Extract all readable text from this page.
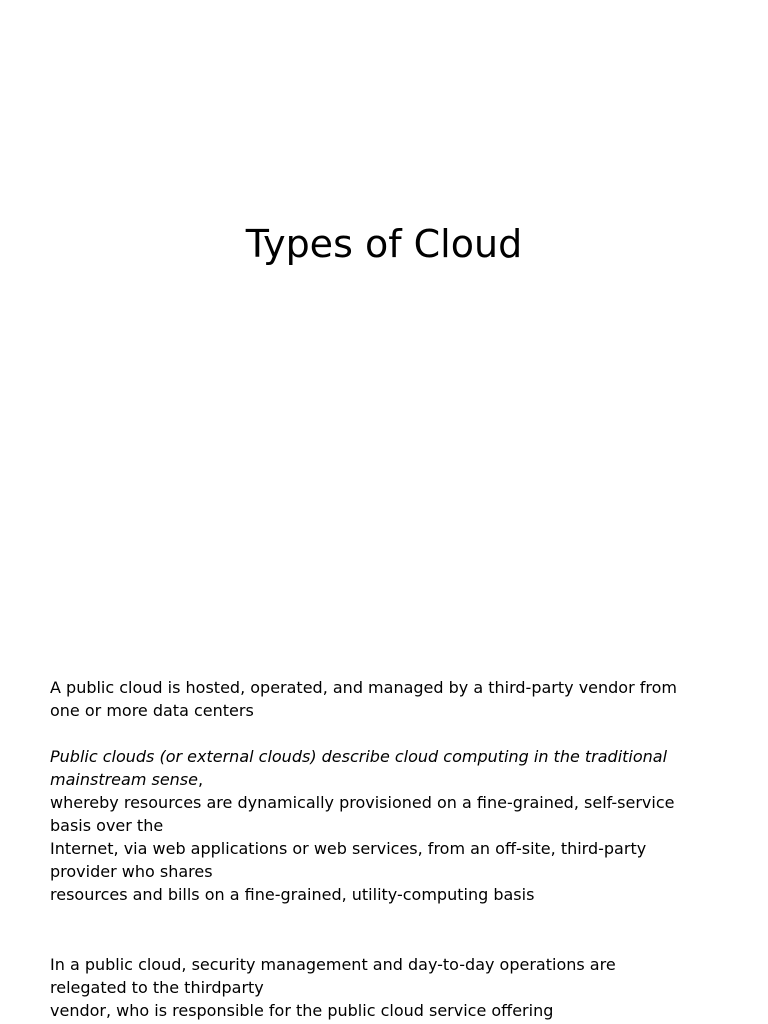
Types of Cloud

A public cloud is hosted, operated, and managed by a third-party vendor from one or more data centers

Public clouds (or external clouds) describe cloud computing in the traditional mainstream sense,

whereby resources are dynamically provisioned on a fine-grained, self-service basis over the

Internet, via web applications or web services, from an off-site, third-party provider who shares

resources and bills on a fine-grained, utility-computing basis

In a public cloud, security management and day-to-day operations are relegated to the thirdparty

vendor, who is responsible for the public cloud service offering
